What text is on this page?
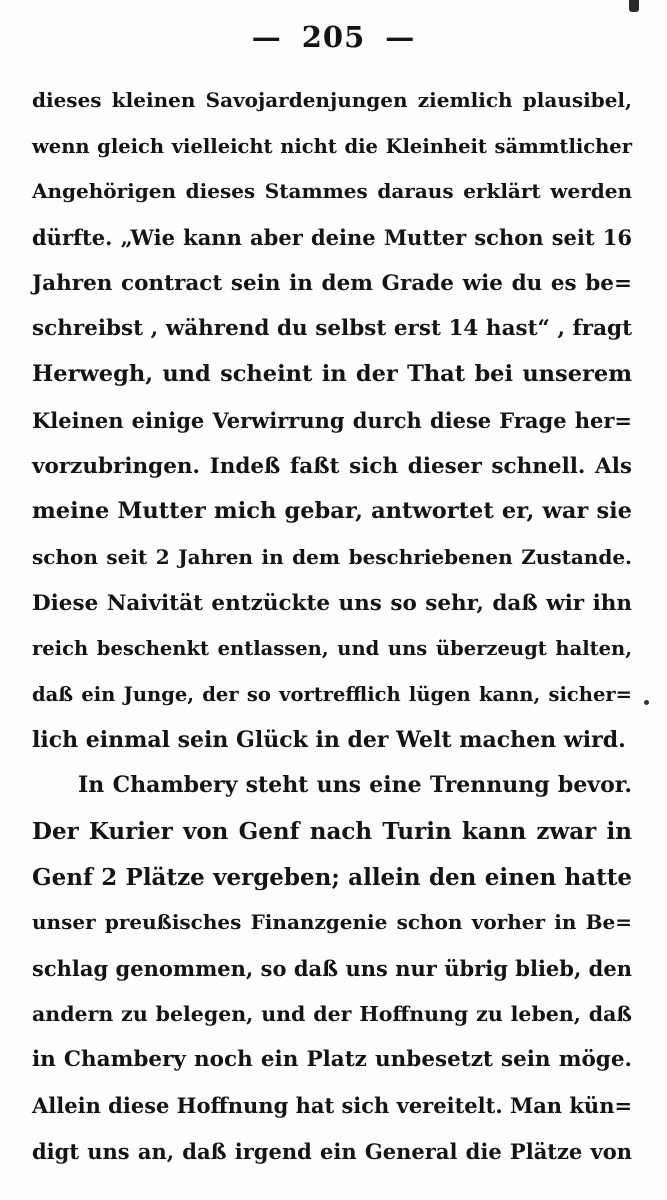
— 205 —
dieses kleinen Savojardenjungen ziemlich plausibel,
wenn gleich vielleicht nicht die Kleinheit sämmtlicher
Angehörigen dieses Stammes daraus erklärt werden
dürfte. „Wie kann aber deine Mutter schon seit 16
Jahren contract sein in dem Grade wie du es be=
schreibst , während du selbst erst 14 hast“ , fragt
Herwegh, und scheint in der That bei unserem
Kleinen einige Verwirrung durch diese Frage her=
vorzubringen. Indeß faßt sich dieser schnell. Als
meine Mutter mich gebar, antwortet er, war sie
schon seit 2 Jahren in dem beschriebenen Zustande.
Diese Naivität entzückte uns so sehr, daß wir ihn
reich beschenkt entlassen, und uns überzeugt halten,
daß ein Junge, der so vortrefflich lügen kann, sicher=
lich einmal sein Glück in der Welt machen wird.
In Chambery steht uns eine Trennung bevor.
Der Kurier von Genf nach Turin kann zwar in
Genf 2 Plätze vergeben; allein den einen hatte
unser preußisches Finanzgenie schon vorher in Be=
schlag genommen, so daß uns nur übrig blieb, den
andern zu belegen, und der Hoffnung zu leben, daß
in Chambery noch ein Platz unbesetzt sein möge.
Allein diese Hoffnung hat sich vereitelt. Man kün=
digt uns an, daß irgend ein General die Plätze von
